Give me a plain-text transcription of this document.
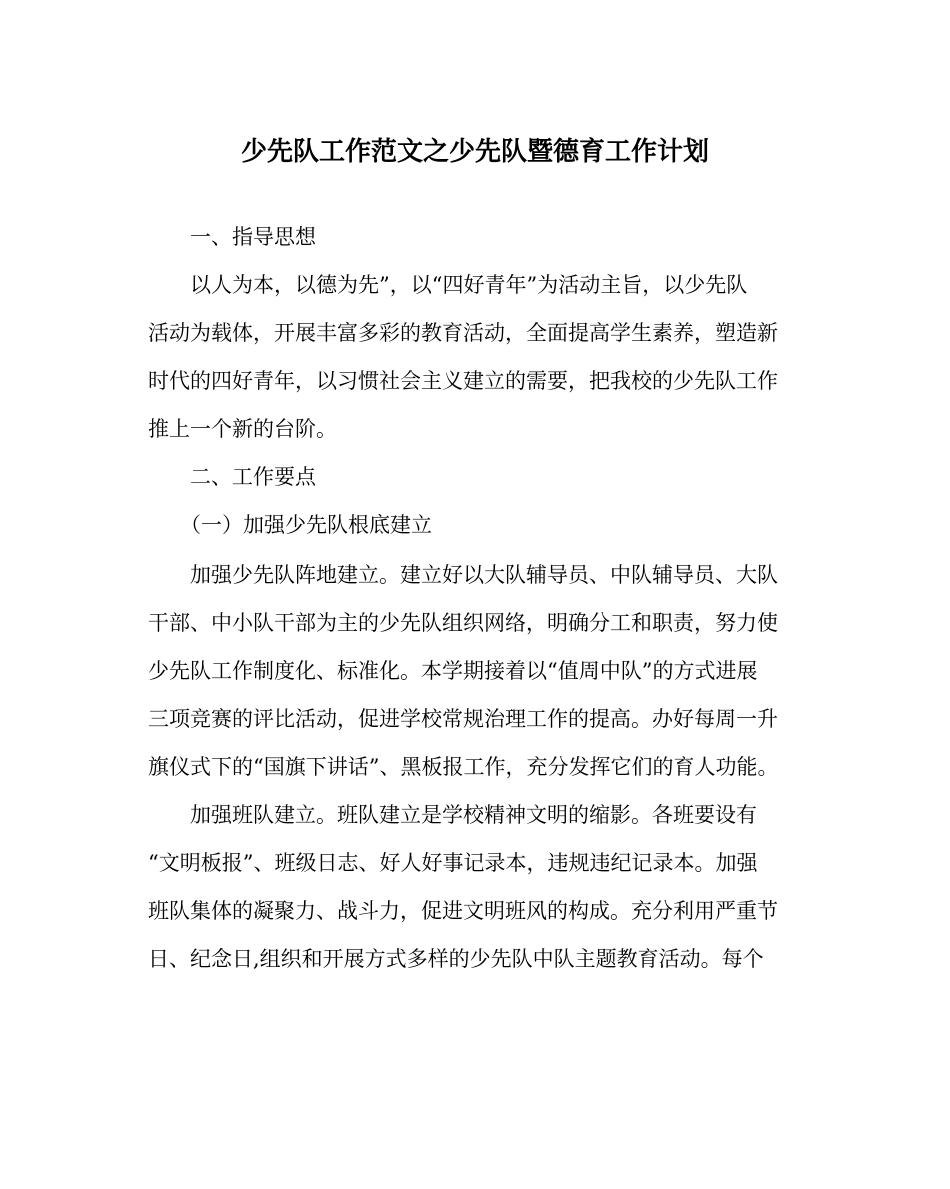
少先队工作范文之少先队暨德育工作计划
一、指导思想
以人为本，以德为先”，以“四好青年”为活动主旨，以少先队
活动为载体，开展丰富多彩的教育活动，全面提高学生素养，塑造新
时代的四好青年，以习惯社会主义建立的需要，把我校的少先队工作
推上一个新的台阶。
二、工作要点
（一）加强少先队根底建立
加强少先队阵地建立。建立好以大队辅导员、中队辅导员、大队
干部、中小队干部为主的少先队组织网络，明确分工和职责，努力使
少先队工作制度化、标准化。本学期接着以“值周中队”的方式进展
三项竞赛的评比活动，促进学校常规治理工作的提高。办好每周一升
旗仪式下的“国旗下讲话”、黑板报工作，充分发挥它们的育人功能。
加强班队建立。班队建立是学校精神文明的缩影。各班要设有
“文明板报”、班级日志、好人好事记录本，违规违纪记录本。加强
班队集体的凝聚力、战斗力，促进文明班风的构成。充分利用严重节
日、纪念日,组织和开展方式多样的少先队中队主题教育活动。每个
